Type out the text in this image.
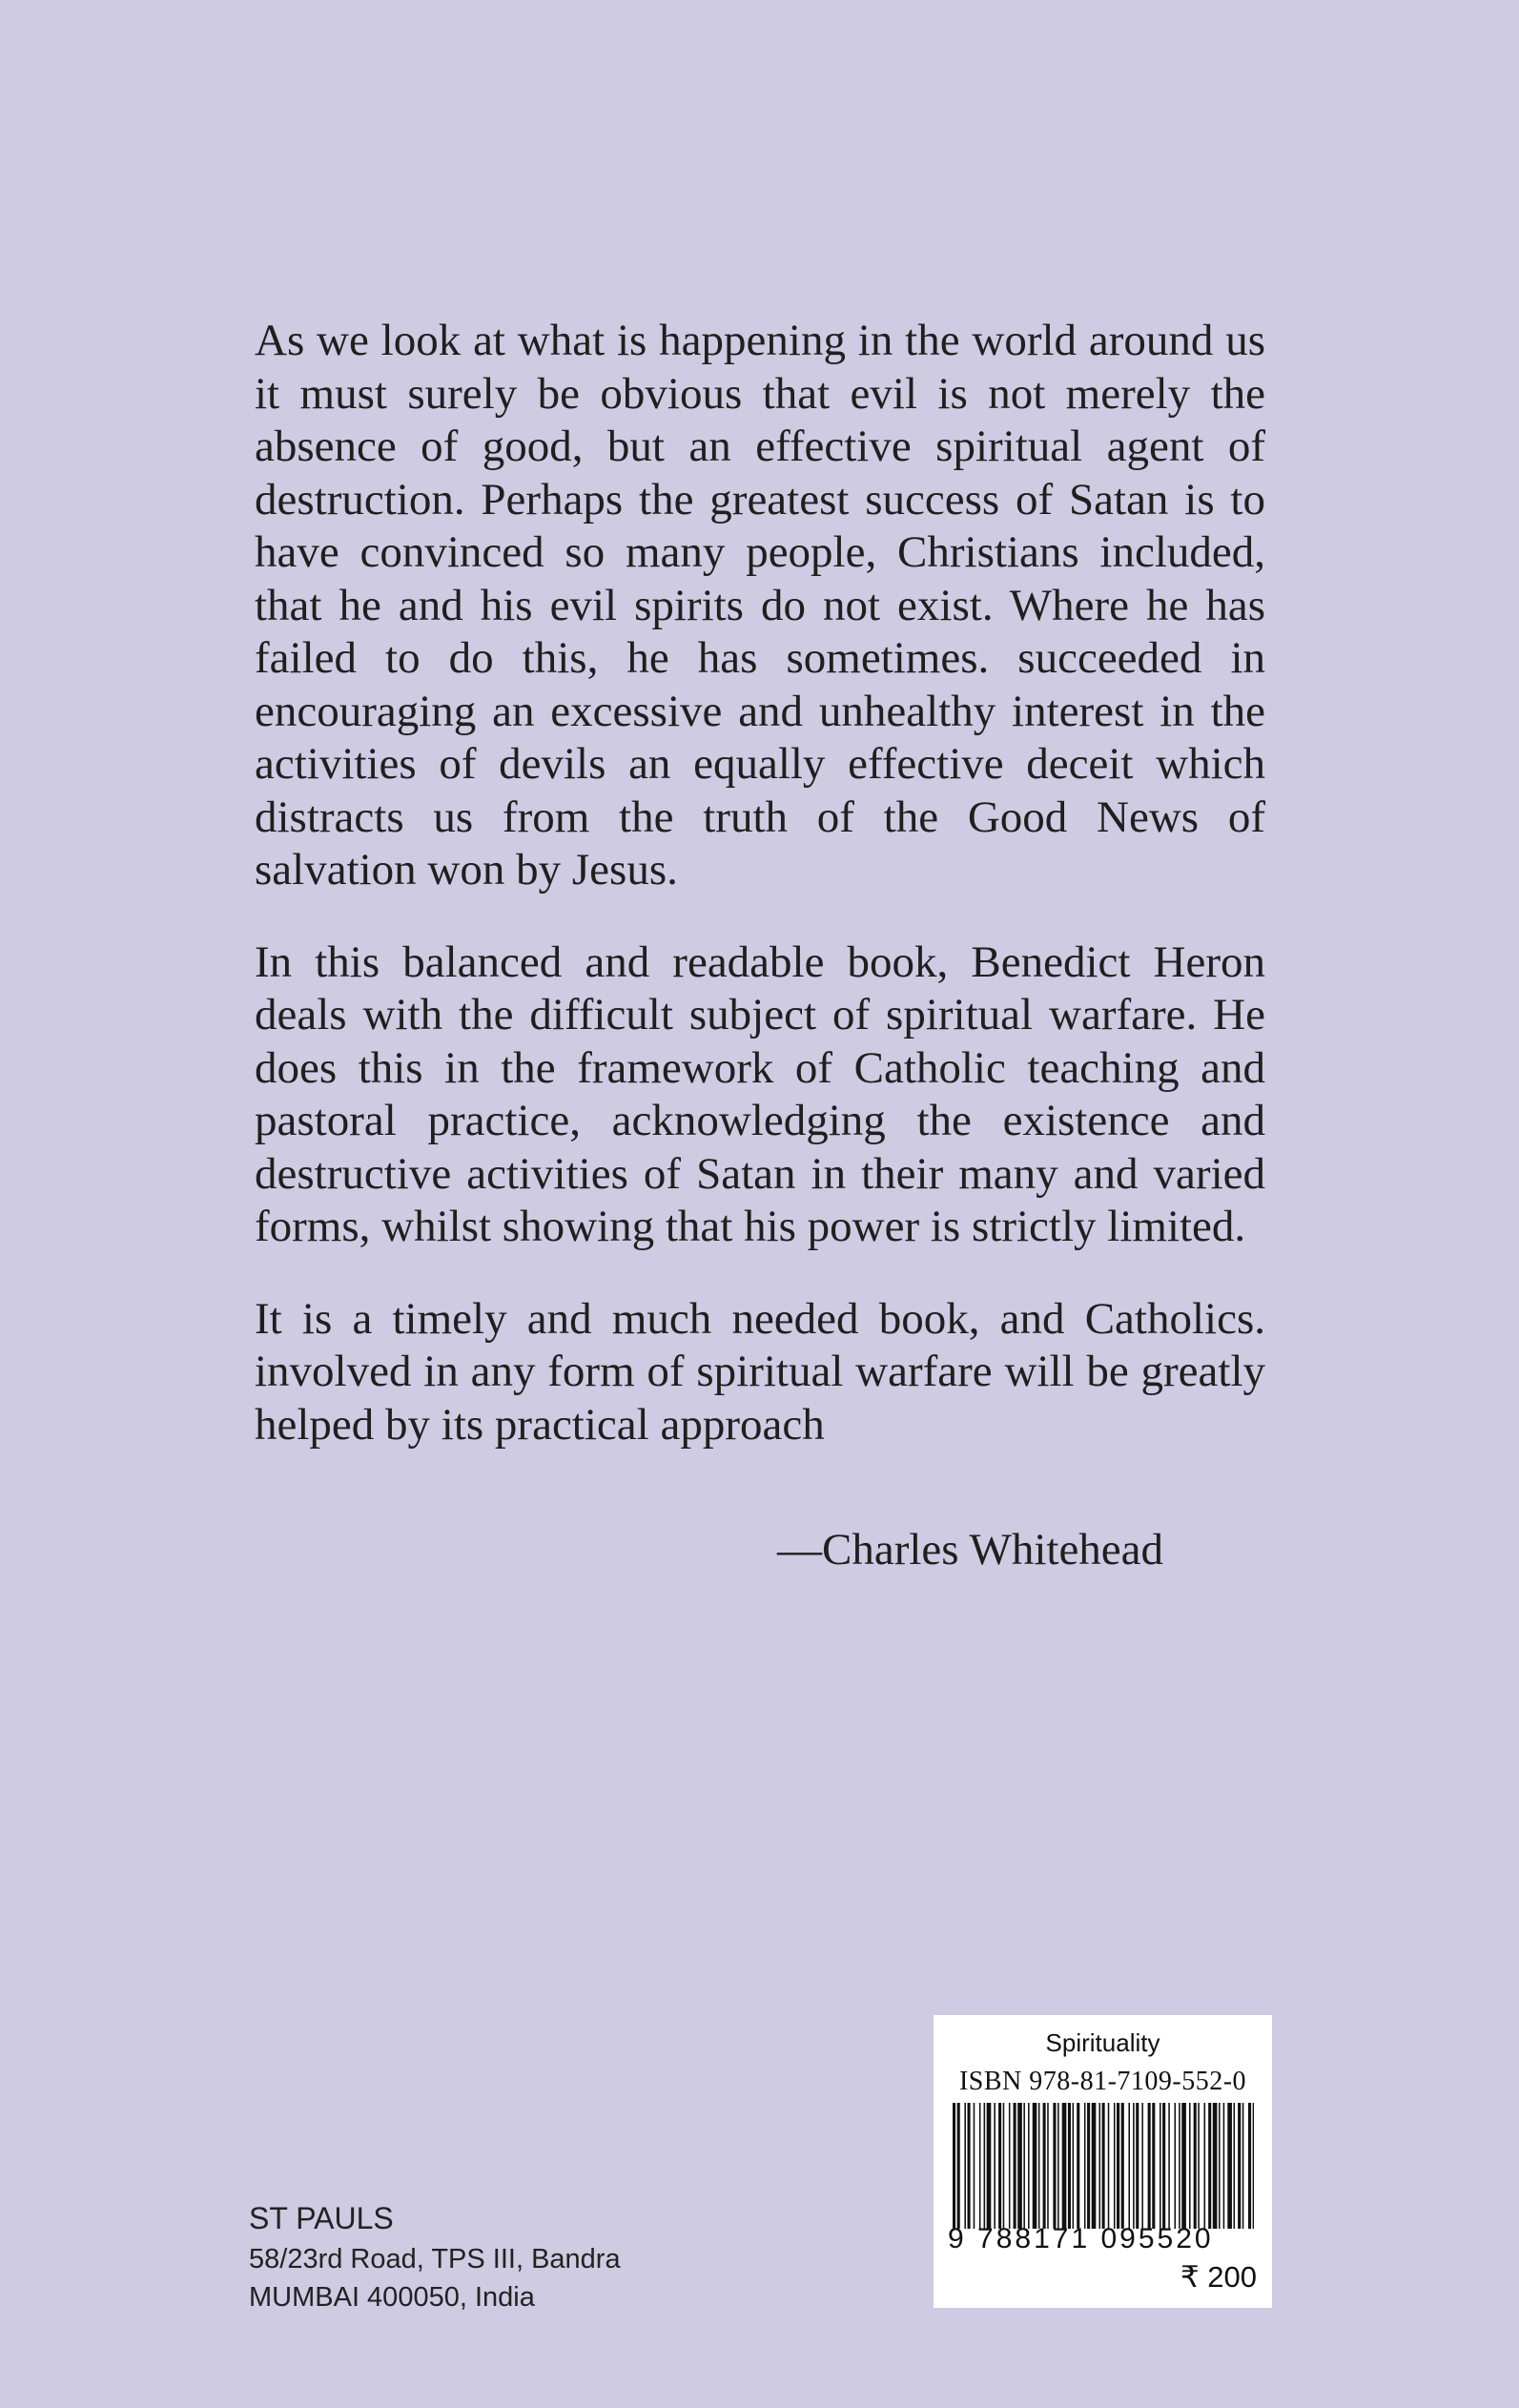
As we look at what is happening in the world around us it must surely be obvious that evil is not merely the absence of good, but an effective spiritual agent of destruction. Perhaps the greatest success of Satan is to have convinced so many people, Christians included, that he and his evil spirits do not exist. Where he has failed to do this, he has sometimes. succeeded in encouraging an excessive and unhealthy interest in the activities of devils an equally effective deceit which distracts us from the truth of the Good News of salvation won by Jesus.

In this balanced and readable book, Benedict Heron deals with the difficult subject of spiritual warfare. He does this in the framework of Catholic teaching and pastoral practice, acknowledging the existence and destructive activities of Satan in their many and varied forms, whilst showing that his power is strictly limited.

It is a timely and much needed book, and Catholics. involved in any form of spiritual warfare will be greatly helped by its practical approach

—Charles Whitehead
ST PAULS
58/23rd Road, TPS III, Bandra
MUMBAI 400050, India
Spirituality
ISBN 978-81-7109-552-0
9 788171 095520
₹ 200
